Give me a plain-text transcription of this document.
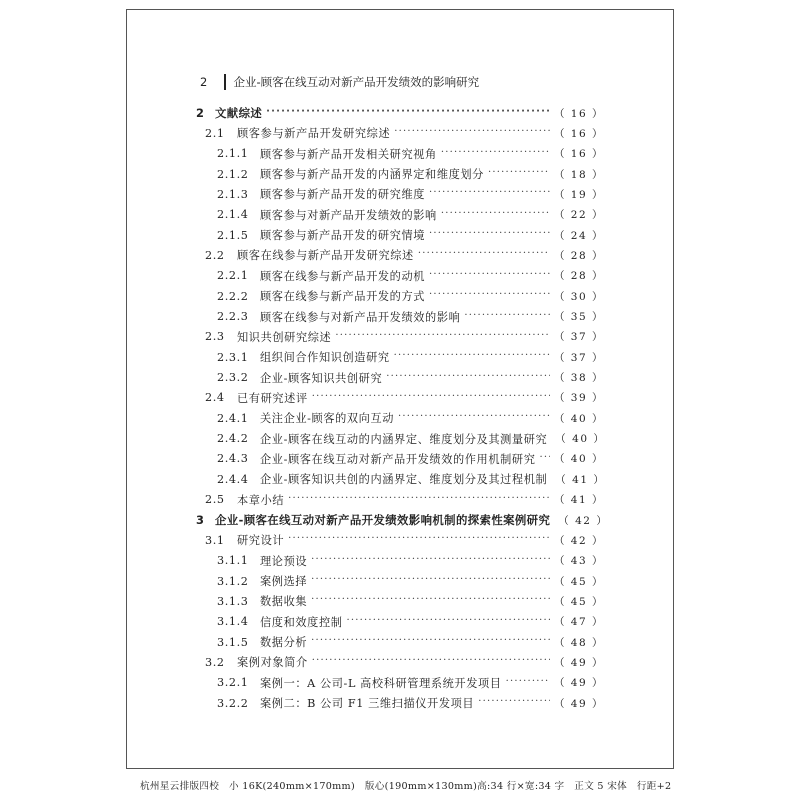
2	企业-顾客在线互动对新产品开发绩效的影响研究
2 文献综述 ·····	（ 16 ）
2.1	顾客参与新产品开发研究综述 ·····	（ 16 ）
2.1.1	顾客参与新产品开发相关研究视角 ·····	（ 16 ）
2.1.2	顾客参与新产品开发的内涵界定和维度划分 ·····	（ 18 ）
2.1.3	顾客参与新产品开发的研究维度 ·····	（ 19 ）
2.1.4	顾客参与对新产品开发绩效的影响 ·····	（ 22 ）
2.1.5	顾客参与新产品开发的研究情境 ·····	（ 24 ）
2.2	顾客在线参与新产品开发研究综述 ·····	（ 28 ）
2.2.1	顾客在线参与新产品开发的动机 ·····	（ 28 ）
2.2.2	顾客在线参与新产品开发的方式 ·····	（ 30 ）
2.2.3	顾客在线参与对新产品开发绩效的影响 ·····	（ 35 ）
2.3	知识共创研究综述 ·····	（ 37 ）
2.3.1	组织间合作知识创造研究 ·····	（ 37 ）
2.3.2	企业-顾客知识共创研究 ·····	（ 38 ）
2.4	已有研究述评 ·····	（ 39 ）
2.4.1	关注企业-顾客的双向互动 ·····	（ 40 ）
2.4.2	企业-顾客在线互动的内涵界定、维度划分及其测量研究 （ 40 ）
2.4.3	企业-顾客在线互动对新产品开发绩效的作用机制研究 ····· （ 40 ）
2.4.4	企业-顾客知识共创的内涵界定、维度划分及其过程机制 （ 41 ）
2.5	本章小结 ·····	（ 41 ）
3 企业-顾客在线互动对新产品开发绩效影响机制的探索性案例研究 （ 42 ）
3.1	研究设计 ·····	（ 42 ）
3.1.1	理论预设 ·····	（ 43 ）
3.1.2	案例选择 ·····	（ 45 ）
3.1.3	数据收集 ·····	（ 45 ）
3.1.4	信度和效度控制 ·····	（ 47 ）
3.1.5	数据分析 ·····	（ 48 ）
3.2	案例对象简介 ·····	（ 49 ）
3.2.1	案例一：A 公司-L 高校科研管理系统开发项目 ·····	（ 49 ）
3.2.2	案例二：B 公司 F1 三维扫描仪开发项目 ·····	（ 49 ）
杭州星云排版四校　小 16K(240mm×170mm)　版心(190mm×130mm)高:34 行×宽:34 字　正文 5 宋体　行距+2
